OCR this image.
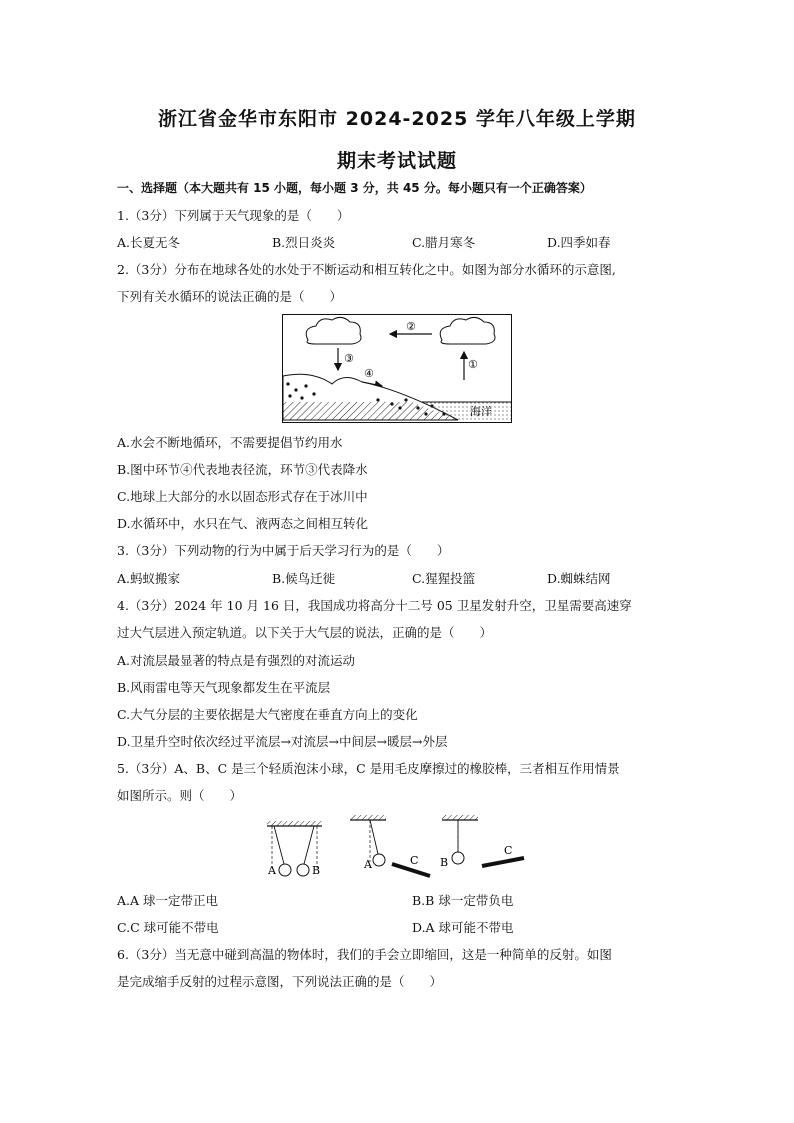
浙江省金华市东阳市 2024-2025 学年八年级上学期
期末考试试题
一、选择题（本大题共有 15 小题，每小题 3 分，共 45 分。每小题只有一个正确答案）
1.（3分）下列属于天气现象的是（　　）
A.长夏无冬	B.烈日炎炎	C.腊月寒冬	D.四季如春
2.（3分）分布在地球各处的水处于不断运动和相互转化之中。如图为部分水循环的示意图,
下列有关水循环的说法正确的是（　　）
②
③
④
①
海洋
A.水会不断地循环，不需要提倡节约用水
B.图中环节④代表地表径流，环节③代表降水
C.地球上大部分的水以固态形式存在于冰川中
D.水循环中，水只在气、液两态之间相互转化
3.（3分）下列动物的行为中属于后天学习行为的是（　　）
A.蚂蚁搬家	B.候鸟迁徙	C.猩猩投篮	D.蜘蛛结网
4.（3分）2024 年 10 月 16 日，我国成功将高分十二号 05 卫星发射升空，卫星需要高速穿
过大气层进入预定轨道。以下关于大气层的说法，正确的是（　　）
A.对流层最显著的特点是有强烈的对流运动
B.风雨雷电等天气现象都发生在平流层
C.大气分层的主要依据是大气密度在垂直方向上的变化
D.卫星升空时依次经过平流层→对流层→中间层→暖层→外层
5.（3分）A、B、C 是三个轻质泡沫小球，C 是用毛皮摩擦过的橡胶棒，三者相互作用情景
如图所示。则（　　）
A	B	A	C B
C
A.A 球一定带正电	B.B 球一定带负电
C.C 球可能不带电	D.A 球可能不带电
6.（3分）当无意中碰到高温的物体时，我们的手会立即缩回，这是一种简单的反射。如图
是完成缩手反射的过程示意图，下列说法正确的是（　　）
